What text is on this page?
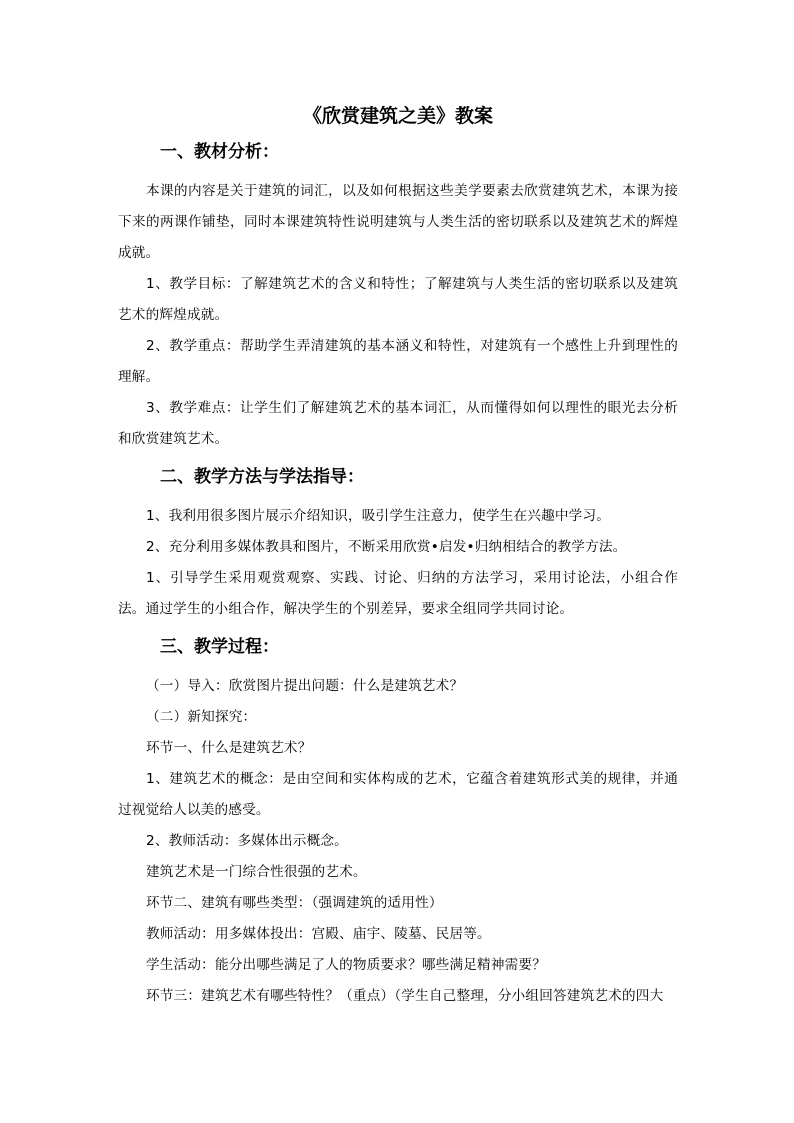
《欣赏建筑之美》教案
一、教材分析：

本课的内容是关于建筑的词汇，以及如何根据这些美学要素去欣赏建筑艺术，本课为接下来的两课作铺垫，同时本课建筑特性说明建筑与人类生活的密切联系以及建筑艺术的辉煌成就。

1、教学目标：了解建筑艺术的含义和特性；了解建筑与人类生活的密切联系以及建筑艺术的辉煌成就。

2、教学重点：帮助学生弄清建筑的基本涵义和特性，对建筑有一个感性上升到理性的理解。

3、教学难点：让学生们了解建筑艺术的基本词汇，从而懂得如何以理性的眼光去分析和欣赏建筑艺术。

二、教学方法与学法指导：

1、我利用很多图片展示介绍知识，吸引学生注意力，使学生在兴趣中学习。

2、充分利用多媒体教具和图片，不断采用欣赏•启发•归纳相结合的教学方法。

1、引导学生采用观赏观察、实践、讨论、归纳的方法学习，采用讨论法，小组合作法。通过学生的小组合作，解决学生的个别差异，要求全组同学共同讨论。

三、教学过程：

（一）导入：欣赏图片提出问题：什么是建筑艺术？

（二）新知探究：

环节一、什么是建筑艺术？

1、建筑艺术的概念：是由空间和实体构成的艺术，它蕴含着建筑形式美的规律，并通过视觉给人以美的感受。

2、教师活动：多媒体出示概念。

建筑艺术是一门综合性很强的艺术。

环节二、建筑有哪些类型：（强调建筑的适用性）

教师活动：用多媒体投出：宫殿、庙宇、陵墓、民居等。

学生活动：能分出哪些满足了人的物质要求？哪些满足精神需要？

环节三：建筑艺术有哪些特性？（重点）（学生自己整理，分小组回答建筑艺术的四大
